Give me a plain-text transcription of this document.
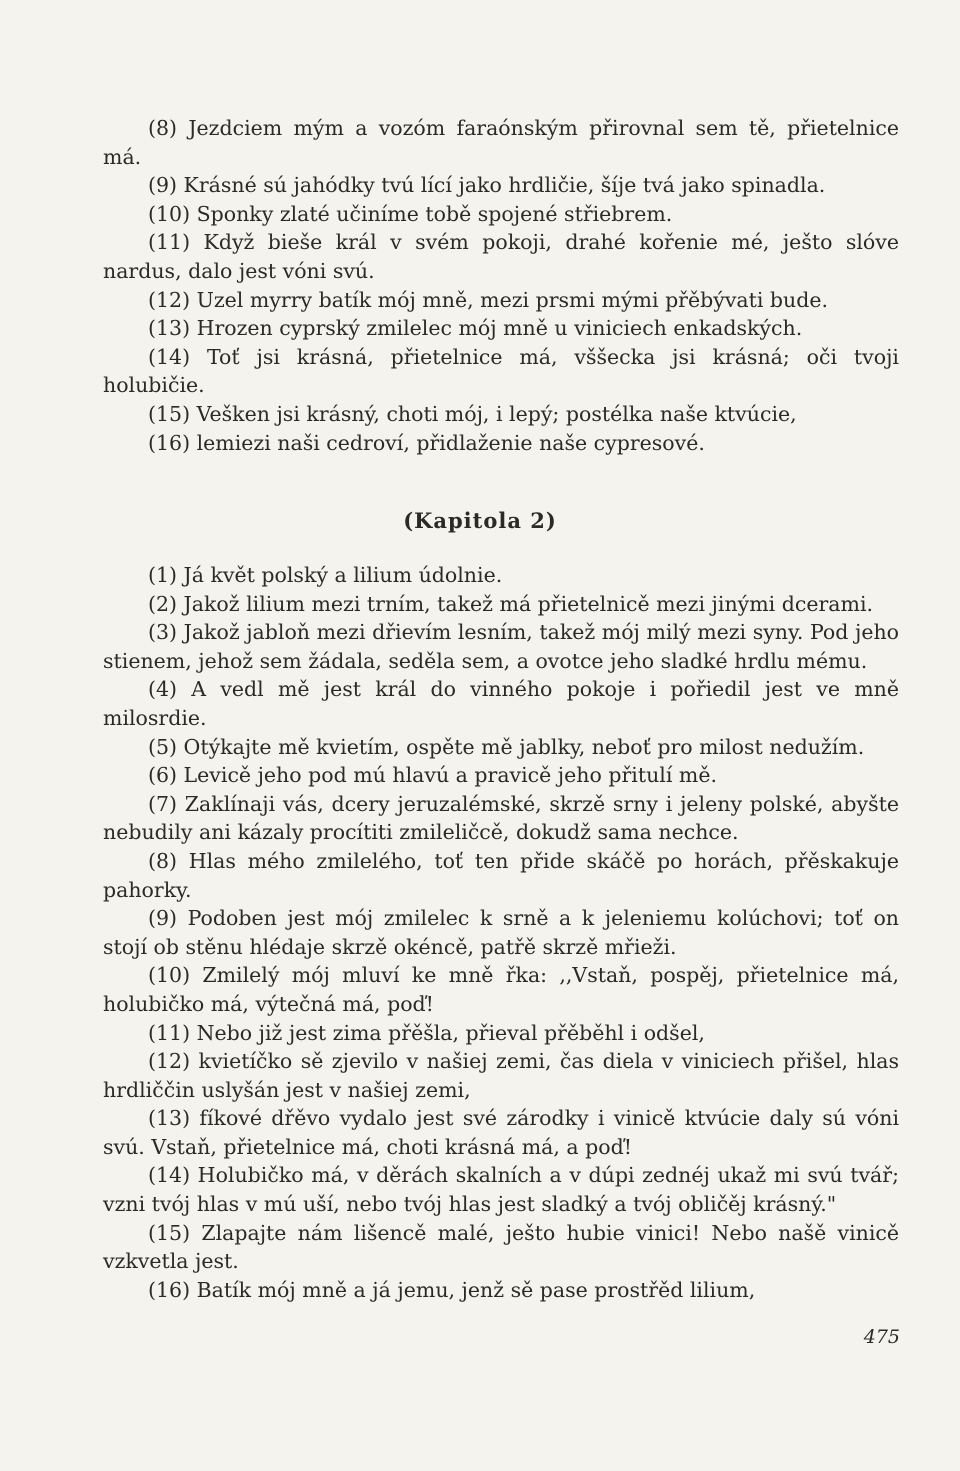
(8) Jezdciem mým a vozóm faraónským přirovnal sem tě, přietelnice má.

(9) Krásné sú jahódky tvú lící jako hrdličie, šíje tvá jako spinadla.

(10) Sponky zlaté učiníme tobě spojené střiebrem.

(11) Když bieše král v svém pokoji, drahé kořenie mé, ješto slóve nardus, dalo jest vóni svú.

(12) Uzel myrry batík mój mně, mezi prsmi mými přěbývati bude.

(13) Hrozen cyprský zmilelec mój mně u viniciech enkadských.

(14) Toť jsi krásná, přietelnice má, vššecka jsi krásná; oči tvoji holubičie.

(15) Vešken jsi krásný, choti mój, i lepý; postélka naše ktvúcie,

(16) lemiezi naši cedroví, přidlaženie naše cypresové.

(Kapitola 2)

(1) Já květ polský a lilium údolnie.

(2) Jakož lilium mezi trním, takež má přietelnicě mezi jinými dcerami.

(3) Jakož jabloň mezi dřievím lesním, takež mój milý mezi syny. Pod jeho stienem, jehož sem žádala, seděla sem, a ovotce jeho sladké hrdlu mému.

(4) A vedl mě jest král do vinného pokoje i pořiedil jest ve mně milosrdie.

(5) Otýkajte mě kvietím, ospěte mě jablky, neboť pro milost nedužím.

(6) Levicě jeho pod mú hlavú a pravicě jeho přitulí mě.

(7) Zaklínaji vás, dcery jeruzalémské, skrzě srny i jeleny polské, abyšte nebudily ani kázaly procítiti zmileličcě, dokudž sama nechce.

(8) Hlas mého zmilelého, toť ten přide skáčě po horách, přěskakuje pahorky.

(9) Podoben jest mój zmilelec k srně a k jeleniemu kolúchovi; toť on stojí ob stěnu hlédaje skrzě okéncě, patřě skrzě mřieži.

(10) Zmilelý mój mluví ke mně řka: ,,Vstaň, pospěj, přietelnice má, holubičko má, výtečná má, poď!

(11) Nebo již jest zima přěšla, přieval přěběhl i odšel,

(12) kvietíčko sě zjevilo v našiej zemi, čas diela v viniciech přišel, hlas hrdliččin uslyšán jest v našiej zemi,

(13) fíkové dřěvo vydalo jest své zárodky i vinicě ktvúcie daly sú vóni svú. Vstaň, přietelnice má, choti krásná má, a poď!

(14) Holubičko má, v děrách skalních a v dúpi zednéj ukaž mi svú tvář; vzni tvój hlas v mú uší, nebo tvój hlas jest sladký a tvój obličěj krásný."

(15) Zlapajte nám lišencě malé, ješto hubie vinici! Nebo našě vinicě vzkvetla jest.

(16) Batík mój mně a já jemu, jenž sě pase prostřěd lilium,

475
